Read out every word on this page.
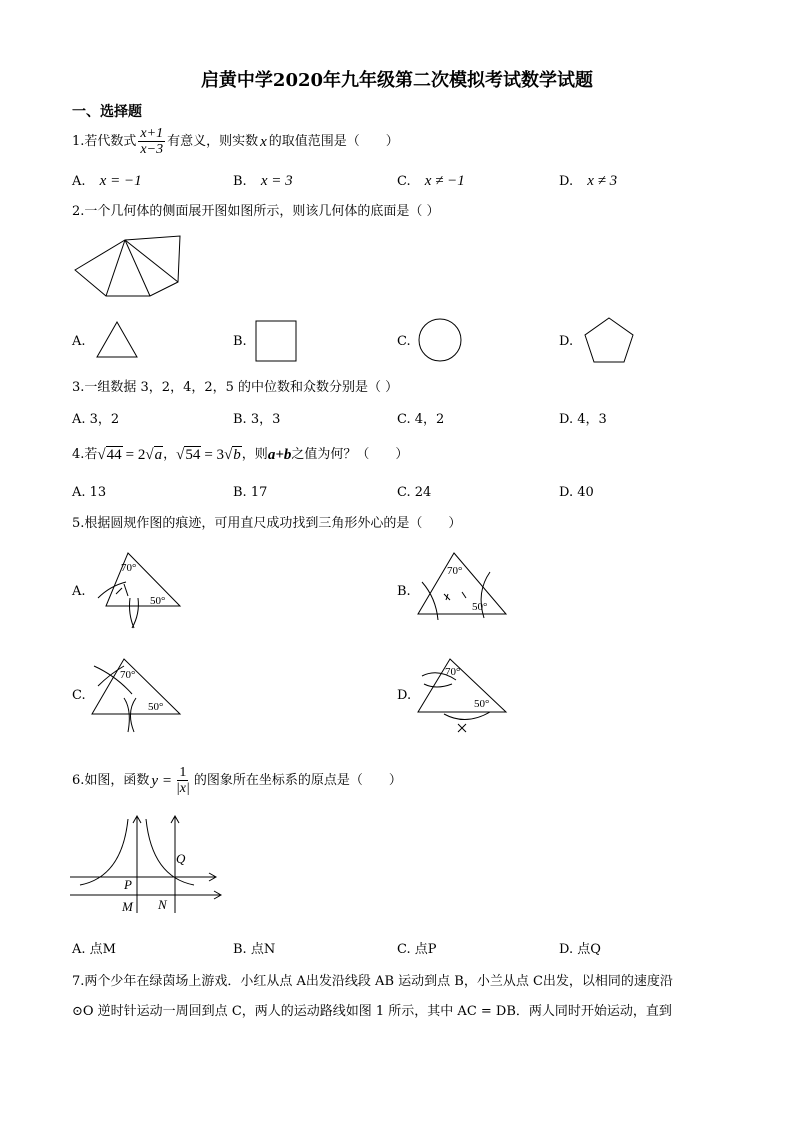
启黄中学2020年九年级第二次模拟考试数学试题
一、选择题
1.若代数式 $\frac{x+1}{x-3}$ 有意义，则实数 x 的取值范围是（　　）
A. x = −1	B. x = 3	C. x ≠ −1	D. x ≠ 3
2.一个几何体的侧面展开图如图所示，则该几何体的底面是（ ）
A.	B.	C.	D.
3.一组数据 3，2，4，2，5 的中位数和众数分别是（ ）
A. 3，2	B. 3，3	C. 4，2	D. 4，3
4.若 √ 44 = 2 √ a ， √ 54 = 3 √ b ，则 a+b 之值为何？（　　）
A. 13	B. 17	C. 24	D. 40
5.根据圆规作图的痕迹，可用直尺成功找到三角形外心的是（　　）
A.
70°
50°
B.
70°
50°
C.
70°
50°
D.
70°
50°
6.如图，函数 $y = \frac{1}{|x|}$ 的图象所在坐标系的原点是（　　）
Q
P
M N
A. 点M	B. 点N	C. 点P	D. 点Q
7.两个少年在绿茵场上游戏．小红从点 A出发沿线段 AB 运动到点 B，小兰从点 C出发，以相同的速度沿
⊙O 逆时针运动一周回到点 C，两人的运动路线如图 1 所示，其中 AC = DB．两人同时开始运动，直到
